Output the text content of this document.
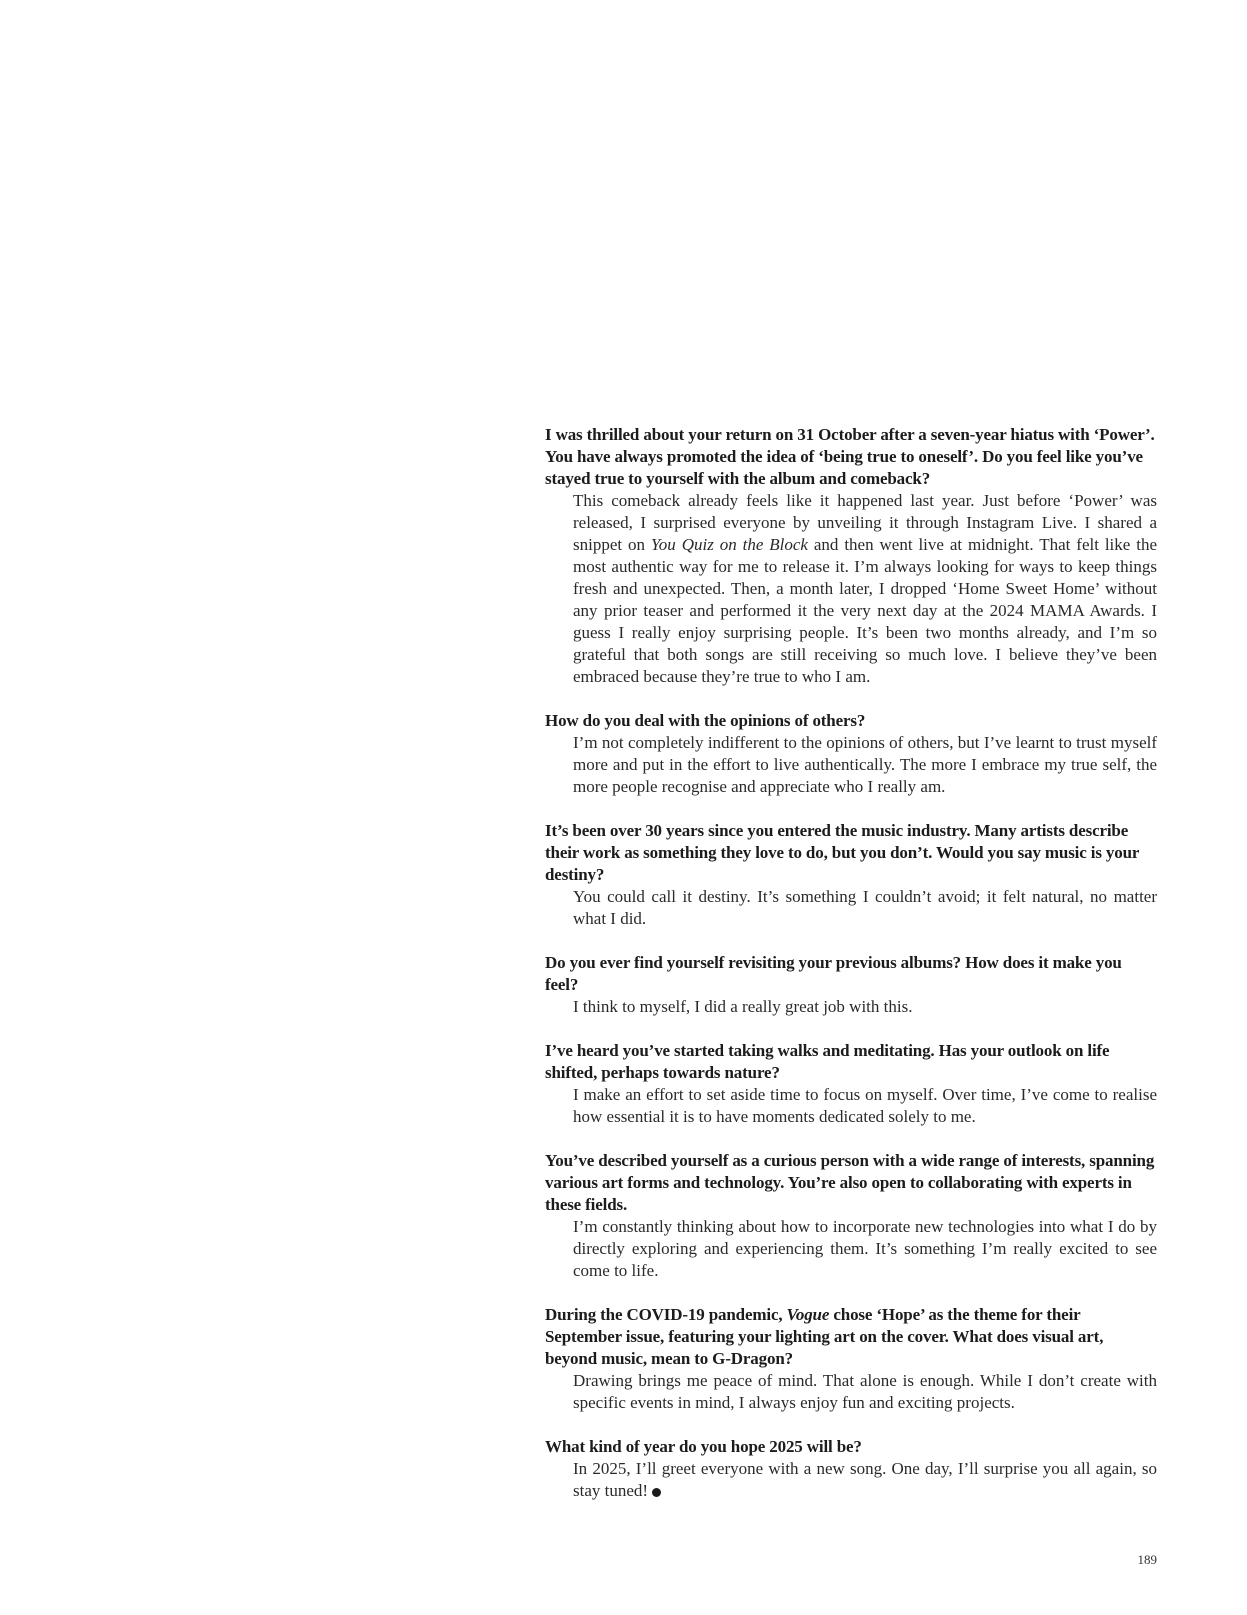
I was thrilled about your return on 31 October after a seven-year hiatus with ‘Power’. You have always promoted the idea of ‘being true to oneself’. Do you feel like you’ve stayed true to yourself with the album and comeback?

This comeback already feels like it happened last year. Just before ‘Power’ was released, I surprised everyone by unveiling it through Instagram Live. I shared a snippet on You Quiz on the Block and then went live at midnight. That felt like the most authentic way for me to release it. I’m always looking for ways to keep things fresh and unexpected. Then, a month later, I dropped ‘Home Sweet Home’ without any prior teaser and performed it the very next day at the 2024 MAMA Awards. I guess I really enjoy surprising people. It’s been two months already, and I’m so grateful that both songs are still receiving so much love. I believe they’ve been embraced because they’re true to who I am.

How do you deal with the opinions of others?

I’m not completely indifferent to the opinions of others, but I’ve learnt to trust myself more and put in the effort to live authentically. The more I embrace my true self, the more people recognise and appreciate who I really am.

It’s been over 30 years since you entered the music industry. Many artists describe their work as something they love to do, but you don’t. Would you say music is your destiny?

You could call it destiny. It’s something I couldn’t avoid; it felt natural, no matter what I did.

Do you ever find yourself revisiting your previous albums? How does it make you feel?

I think to myself, I did a really great job with this.

I’ve heard you’ve started taking walks and meditating. Has your outlook on life shifted, perhaps towards nature?

I make an effort to set aside time to focus on myself. Over time, I’ve come to realise how essential it is to have moments dedicated solely to me.

You’ve described yourself as a curious person with a wide range of interests, spanning various art forms and technology. You’re also open to collaborating with experts in these fields.

I’m constantly thinking about how to incorporate new technologies into what I do by directly exploring and experiencing them. It’s something I’m really excited to see come to life.

During the COVID-19 pandemic, Vogue chose ‘Hope’ as the theme for their September issue, featuring your lighting art on the cover. What does visual art, beyond music, mean to G-Dragon?

Drawing brings me peace of mind. That alone is enough. While I don’t create with specific events in mind, I always enjoy fun and exciting projects.

What kind of year do you hope 2025 will be?

In 2025, I’ll greet everyone with a new song. One day, I’ll surprise you all again, so stay tuned!

189
